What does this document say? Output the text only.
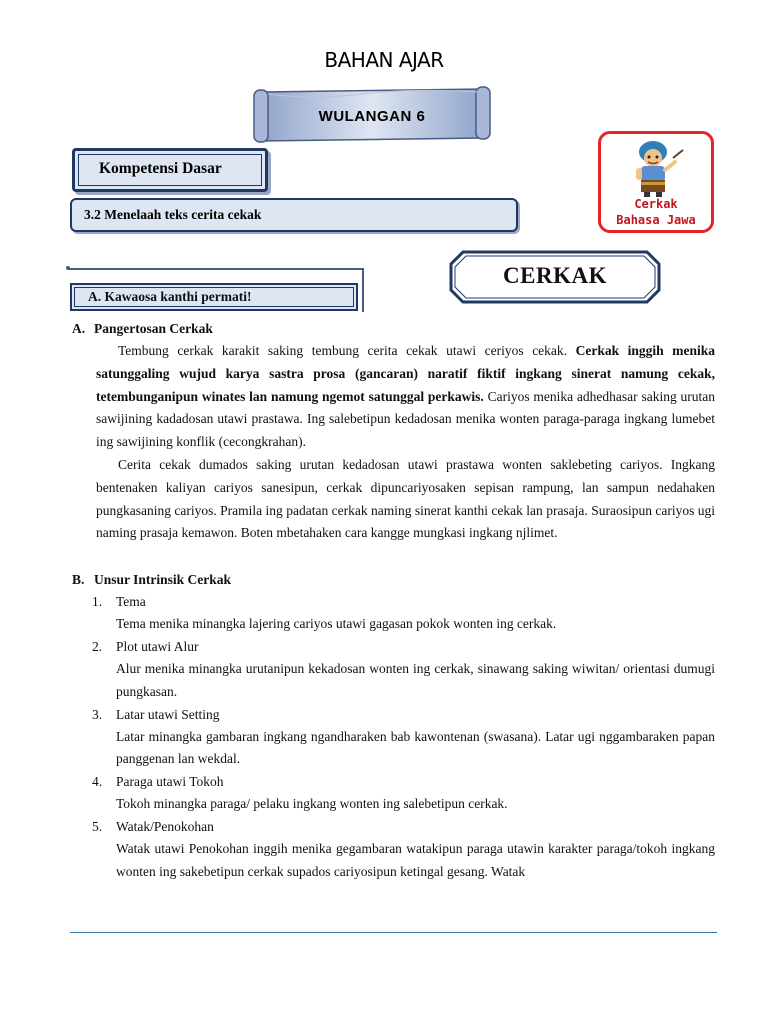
BAHAN AJAR
WULANGAN 6
Kompetensi Dasar
3.2 Menelaah teks cerita cekak
Cerkak
Bahasa Jawa
A. Kawaosa kanthi permati!
CERKAK
A. Pangertosan Cerkak

Tembung cerkak karakit saking tembung cerita cekak utawi ceriyos cekak. Cerkak inggih menika satunggaling wujud karya sastra prosa (gancaran) naratif fiktif ingkang sinerat namung cekak, tetembunganipun winates lan namung ngemot satunggal perkawis. Cariyos menika adhedhasar saking urutan sawijining kadadosan utawi prastawa. Ing salebetipun kedadosan menika wonten paraga-paraga ingkang lumebet ing sawijining konflik (cecongkrahan).

Cerita cekak dumados saking urutan kedadosan utawi prastawa wonten saklebeting cariyos. Ingkang bentenaken kaliyan cariyos sanesipun, cerkak dipuncariyosaken sepisan rampung, lan sampun nedahaken pungkasaning cariyos. Pramila ing padatan cerkak naming sinerat kanthi cekak lan prasaja. Suraosipun cariyos ugi naming prasaja kemawon. Boten mbetahaken cara kangge mungkasi ingkang njlimet.

B. Unsur Intrinsik Cerkak
1. Tema

Tema menika minangka lajering cariyos utawi gagasan pokok wonten ing cerkak.

2. Plot utawi Alur

Alur menika minangka urutanipun kekadosan wonten ing cerkak, sinawang saking wiwitan/ orientasi dumugi pungkasan.

3. Latar utawi Setting

Latar minangka gambaran ingkang ngandharaken bab kawontenan (swasana). Latar ugi nggambaraken papan panggenan lan wekdal.

4. Paraga utawi Tokoh

Tokoh minangka paraga/ pelaku ingkang wonten ing salebetipun cerkak.

5. Watak/Penokohan

Watak utawi Penokohan inggih menika gegambaran watakipun paraga utawin karakter paraga/tokoh ingkang wonten ing sakebetipun cerkak supados cariyosipun ketingal gesang. Watak
